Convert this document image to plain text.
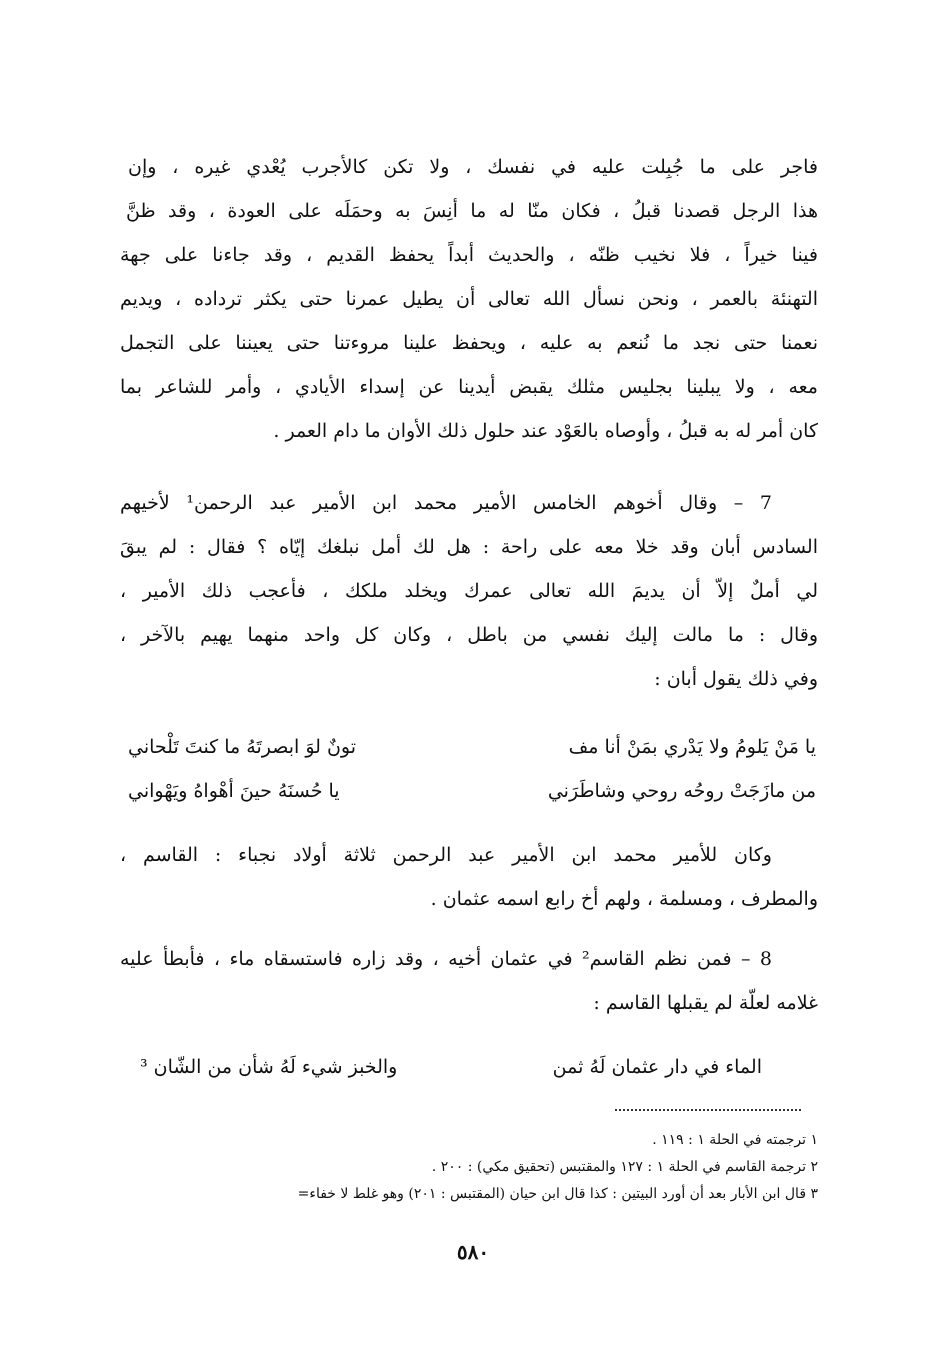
فاجر على ما جُبِلت عليه في نفسك ، ولا تكن كالأجرب يُعْدي غيره ، وإن
هذا الرجل قصدنا قبلُ ، فكان منّا له ما أنِسَ به وحمَلَه على العودة ، وقد ظنَّ
فينا خيراً ، فلا نخيب ظنّه ، والحديث أبداً يحفظ القديم ، وقد جاءنا على جهة
التهنئة بالعمر ، ونحن نسأل الله تعالى أن يطيل عمرنا حتى يكثر ترداده ، ويديم
نعمنا حتى نجد ما نُنعم به عليه ، ويحفظ علينا مروءتنا حتى يعيننا على التجمل
معه ، ولا يبلينا بجليس مثلك يقبض أيدينا عن إسداء الأيادي ، وأمر للشاعر بما
كان أمر له به قبلُ ، وأوصاه بالعَوْد عند حلول ذلك الأوان ما دام العمر .
7 – وقال أخوهم الخامس الأمير محمد ابن الأمير عبد الرحمن¹ لأخيهم
السادس أبان وقد خلا معه على راحة : هل لك أمل نبلغك إيّاه ؟ فقال : لم يبقَ
لي أملٌ إلاّ أن يديمَ الله تعالى عمرك ويخلد ملكك ، فأعجب ذلك الأمير ،
وقال : ما مالت إليك نفسي من باطل ، وكان كل واحد منهما يهيم بالآخر ،
وفي ذلك يقول أبان :
يا مَنْ يَلومُ ولا يَدْري بمَنْ أنا مف
تونٌ لوَ ابصرتَهُ ما كنتَ تَلْحاني
من مازَجَتْ روحُه روحي وشاطَرَني
يا حُسنَهُ حينَ أهْواهُ ويَهْواني
وكان للأمير محمد ابن الأمير عبد الرحمن ثلاثة أولاد نجباء : القاسم ،
والمطرف ، ومسلمة ، ولهم أخ رابع اسمه عثمان .
8 – فمن نظم القاسم² في عثمان أخيه ، وقد زاره فاستسقاه ماء ، فأبطأ عليه
غلامه لعلّة لم يقبلها القاسم :
الماء في دار عثمان لَهُ ثمن
والخبز شيء لَهُ شأن من الشّان ³
١ ترجمته في الحلة ١ : ١١٩ .
٢ ترجمة القاسم في الحلة ١ : ١٢٧ والمقتبس (تحقيق مكي) : ٢٠٠ .
٣ قال ابن الأبار بعد أن أورد البيتين : كذا قال ابن حيان (المقتبس : ٢٠١) وهو غلط لا خفاء=
٥٨٠
